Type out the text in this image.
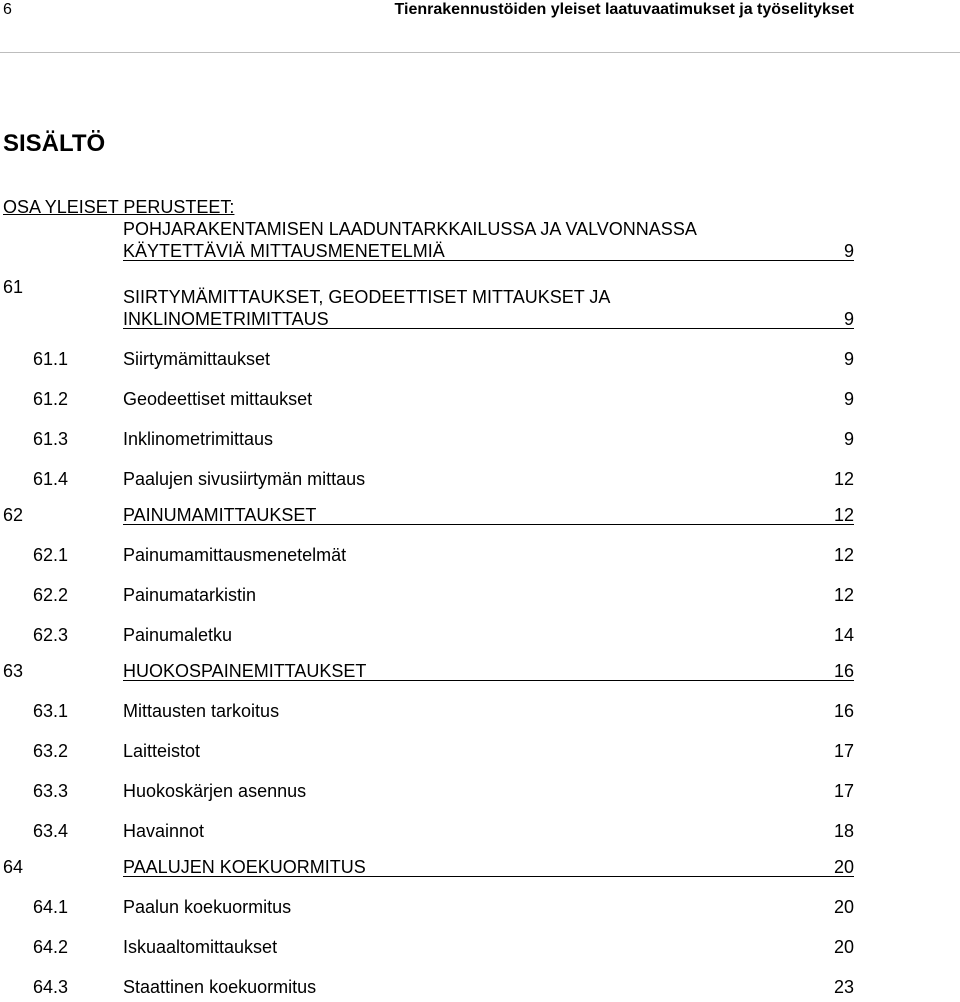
6	Tienrakennustöiden yleiset laatuvaatimukset ja työselitykset
SISÄLTÖ
OSA YLEISET PERUSTEET:
POHJARAKENTAMISEN LAADUNTARKKAILUSSA JA VALVONNASSA
KÄYTETTÄVIÄ MITTAUSMENETELMIÄ	9
61	SIIRTYMÄMITTAUKSET, GEODEETTISET MITTAUKSET JA
INKLINOMETRIMITTAUS	9
61.1	Siirtymämittaukset	9
61.2	Geodeettiset mittaukset	9
61.3	Inklinometrimittaus	9
61.4	Paalujen sivusiirtymän mittaus	12
62	PAINUMAMITTAUKSET	12
62.1	Painumamittausmenetelmät	12
62.2	Painumatarkistin	12
62.3	Painumaletku	14
63	HUOKOSPAINEMITTAUKSET	16
63.1	Mittausten tarkoitus	16
63.2	Laitteistot	17
63.3	Huokoskärjen asennus	17
63.4	Havainnot	18
64	PAALUJEN KOEKUORMITUS	20
64.1	Paalun koekuormitus	20
64.2	Iskuaaltomittaukset	20
64.3	Staattinen koekuormitus	23
